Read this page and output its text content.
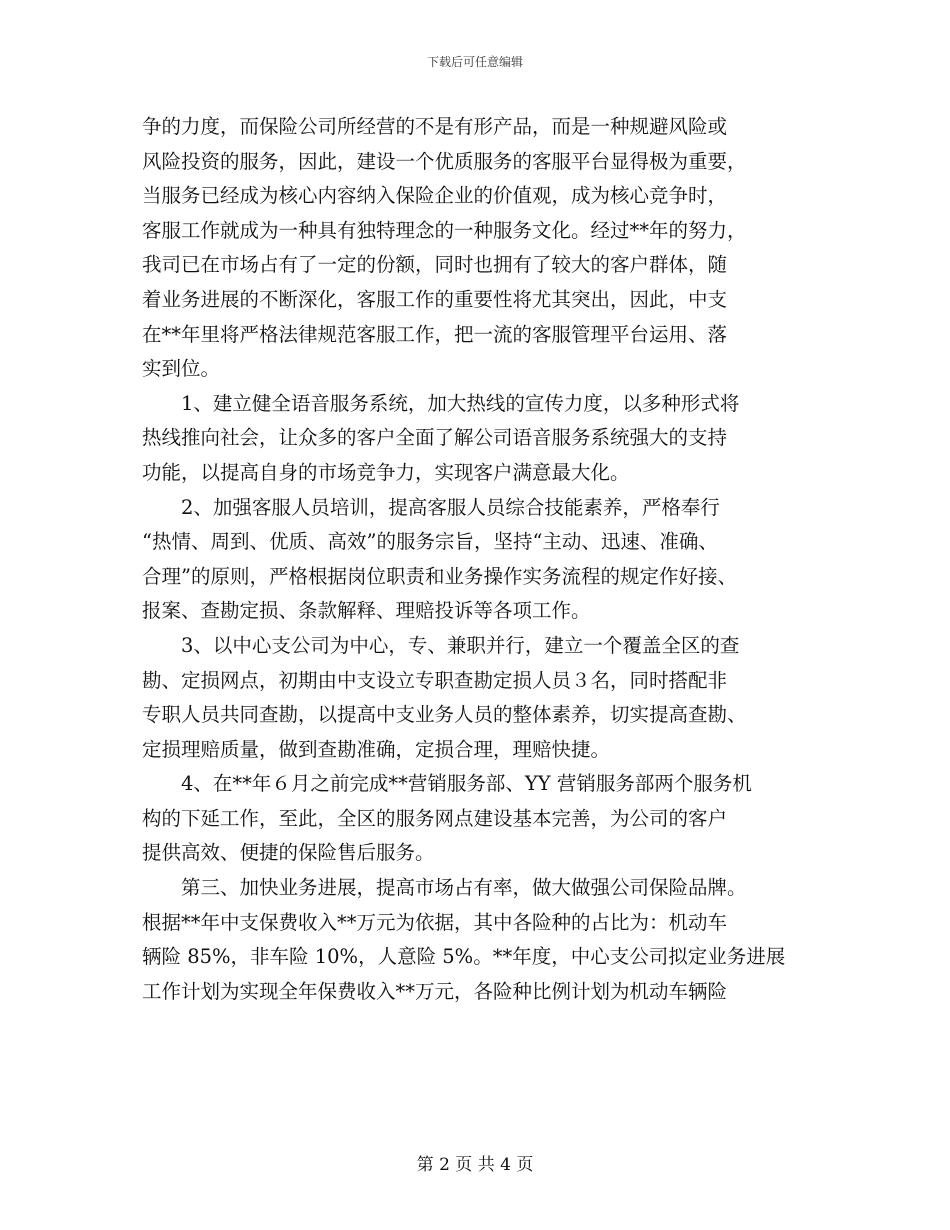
下载后可任意编辑
争的力度，而保险公司所经营的不是有形产品，而是一种规避风险或
风险投资的服务，因此，建设一个优质服务的客服平台显得极为重要，
当服务已经成为核心内容纳入保险企业的价值观，成为核心竞争时，
客服工作就成为一种具有独特理念的一种服务文化。经过**年的努力，
我司已在市场占有了一定的份额，同时也拥有了较大的客户群体，随
着业务进展的不断深化，客服工作的重要性将尤其突出，因此，中支
在**年里将严格法律规范客服工作，把一流的客服管理平台运用、落
实到位。
1、建立健全语音服务系统，加大热线的宣传力度，以多种形式将
热线推向社会，让众多的客户全面了解公司语音服务系统强大的支持
功能，以提高自身的市场竞争力，实现客户满意最大化。
2、加强客服人员培训，提高客服人员综合技能素养，严格奉行
“热情、周到、优质、高效”的服务宗旨，坚持“主动、迅速、准确、
合理”的原则，严格根据岗位职责和业务操作实务流程的规定作好接、
报案、查勘定损、条款解释、理赔投诉等各项工作。
3、以中心支公司为中心，专、兼职并行，建立一个覆盖全区的查
勘、定损网点，初期由中支设立专职查勘定损人员３名，同时搭配非
专职人员共同查勘，以提高中支业务人员的整体素养，切实提高查勘、
定损理赔质量，做到查勘准确，定损合理，理赔快捷。
4、在**年６月之前完成**营销服务部、YY 营销服务部两个服务机
构的下延工作，至此，全区的服务网点建设基本完善，为公司的客户
提供高效、便捷的保险售后服务。
第三、加快业务进展，提高市场占有率，做大做强公司保险品牌。
根据**年中支保费收入**万元为依据，其中各险种的占比为：机动车
辆险 85%，非车险 10%，人意险 5%。**年度，中心支公司拟定业务进展
工作计划为实现全年保费收入**万元，各险种比例计划为机动车辆险
第 2 页 共 4 页
